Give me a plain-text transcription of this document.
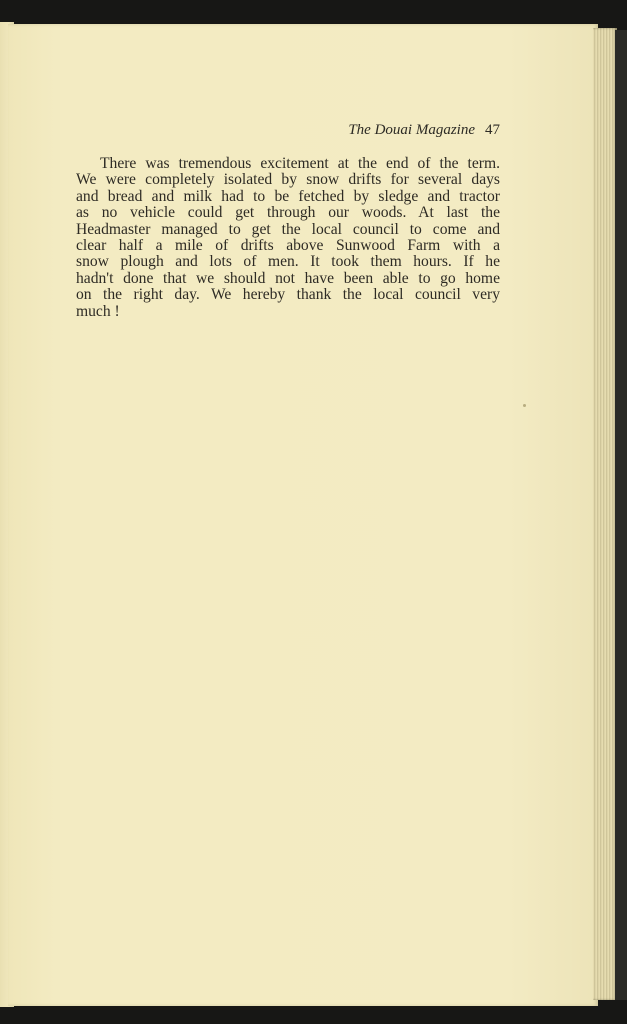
The Douai Magazine 47
There was tremendous excitement at the end of the term.
We were completely isolated by snow drifts for several days
and bread and milk had to be fetched by sledge and tractor
as no vehicle could get through our woods. At last the
Headmaster managed to get the local council to come and
clear half a mile of drifts above Sunwood Farm with a
snow plough and lots of men. It took them hours. If he
hadn't done that we should not have been able to go home
on the right day. We hereby thank the local council very
much !
